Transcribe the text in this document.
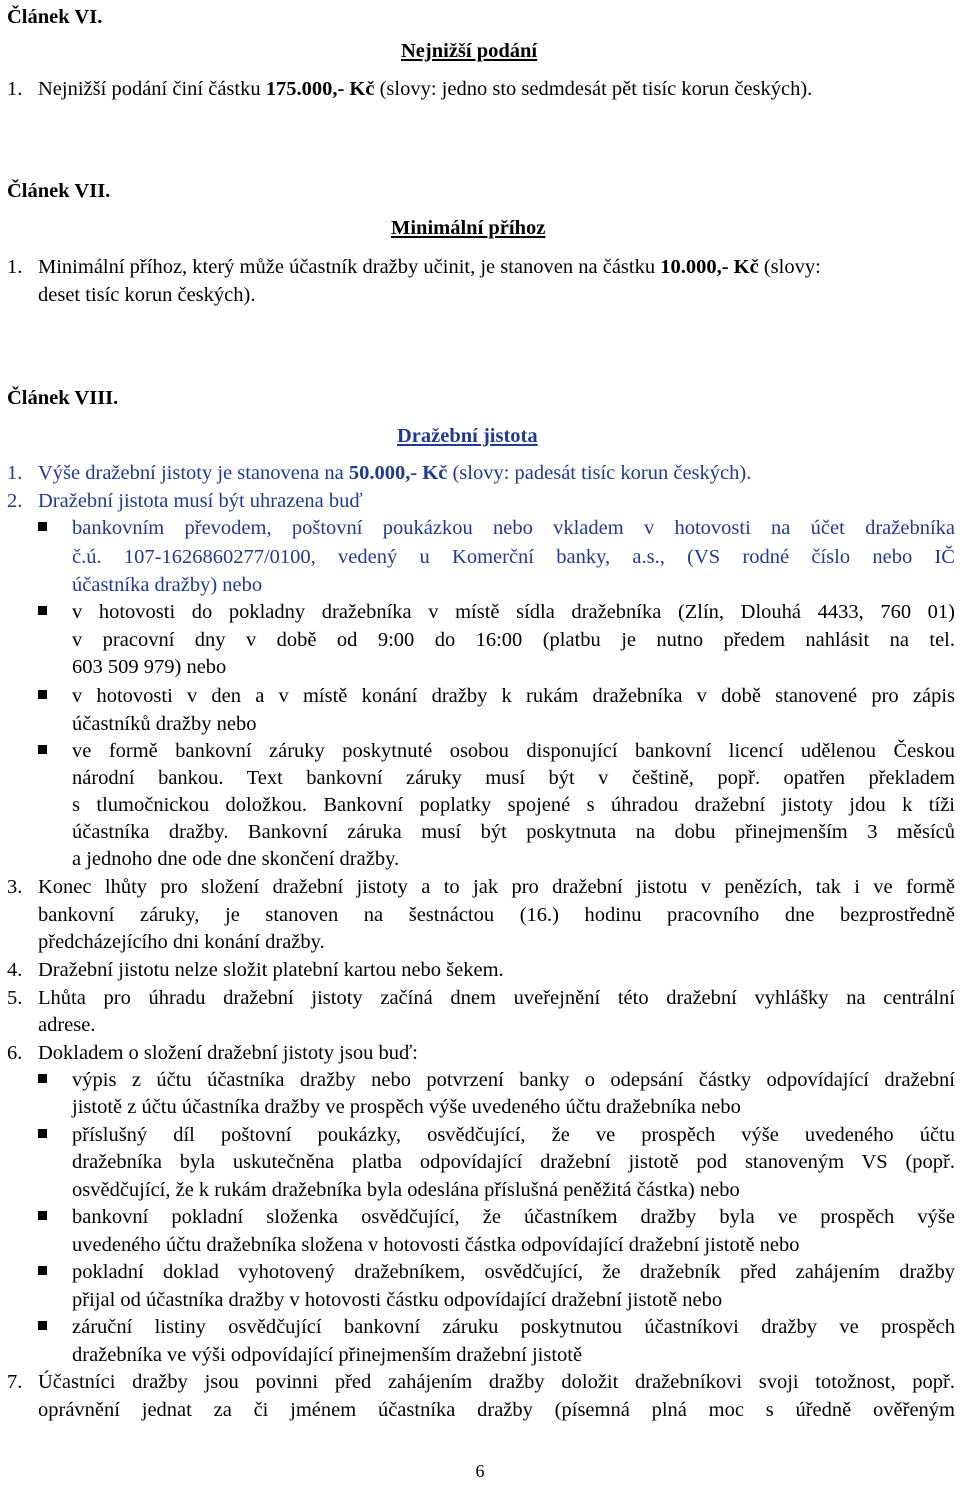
Článek VI.
Nejnižší podání
1. Nejnižší podání činí částku 175.000,- Kč (slovy: jedno sto sedmdesát pět tisíc korun českých).
Článek VII.
Minimální příhoz
1. Minimální příhoz, který může účastník dražby učinit, je stanoven na částku 10.000,- Kč (slovy:
deset tisíc korun českých).
Článek VIII.
Dražební jistota
1. Výše dražební jistoty je stanovena na 50.000,- Kč (slovy: padesát tisíc korun českých).
2. Dražební jistota musí být uhrazena buď
bankovním převodem, poštovní poukázkou nebo vkladem v hotovosti na účet dražebníka
č.ú. 107-1626860277/0100, vedený u Komerční banky, a.s., (VS rodné číslo nebo IČ
účastníka dražby) nebo
v hotovosti do pokladny dražebníka v místě sídla dražebníka (Zlín, Dlouhá 4433, 760 01)
v pracovní dny v době od 9:00 do 16:00 (platbu je nutno předem nahlásit na tel.
603 509 979) nebo
v hotovosti v den a v místě konání dražby k rukám dražebníka v době stanovené pro zápis
účastníků dražby nebo
ve formě bankovní záruky poskytnuté osobou disponující bankovní licencí udělenou Českou
národní bankou. Text bankovní záruky musí být v češtině, popř. opatřen překladem
s tlumočnickou doložkou. Bankovní poplatky spojené s úhradou dražební jistoty jdou k tíži
účastníka dražby. Bankovní záruka musí být poskytnuta na dobu přinejmenším 3 měsíců
a jednoho dne ode dne skončení dražby.
3. Konec lhůty pro složení dražební jistoty a to jak pro dražební jistotu v penězích, tak i ve formě
bankovní záruky, je stanoven na šestnáctou (16.) hodinu pracovního dne bezprostředně
předcházejícího dni konání dražby.
4. Dražební jistotu nelze složit platební kartou nebo šekem.
5. Lhůta pro úhradu dražební jistoty začíná dnem uveřejnění této dražební vyhlášky na centrální
adrese.
6. Dokladem o složení dražební jistoty jsou buď:
výpis z účtu účastníka dražby nebo potvrzení banky o odepsání částky odpovídající dražební
jistotě z účtu účastníka dražby ve prospěch výše uvedeného účtu dražebníka nebo
příslušný díl poštovní poukázky, osvědčující, že ve prospěch výše uvedeného účtu
dražebníka byla uskutečněna platba odpovídající dražební jistotě pod stanoveným VS (popř.
osvědčující, že k rukám dražebníka byla odeslána příslušná peněžitá částka) nebo
bankovní pokladní složenka osvědčující, že účastníkem dražby byla ve prospěch výše
uvedeného účtu dražebníka složena v hotovosti částka odpovídající dražební jistotě nebo
pokladní doklad vyhotovený dražebníkem, osvědčující, že dražebník před zahájením dražby
přijal od účastníka dražby v hotovosti částku odpovídající dražební jistotě nebo
záruční listiny osvědčující bankovní záruku poskytnutou účastníkovi dražby ve prospěch
dražebníka ve výši odpovídající přinejmenším dražební jistotě
7. Účastníci dražby jsou povinni před zahájením dražby doložit dražebníkovi svoji totožnost, popř.
oprávnění jednat za či jménem účastníka dražby (písemná plná moc s úředně ověřeným
6
